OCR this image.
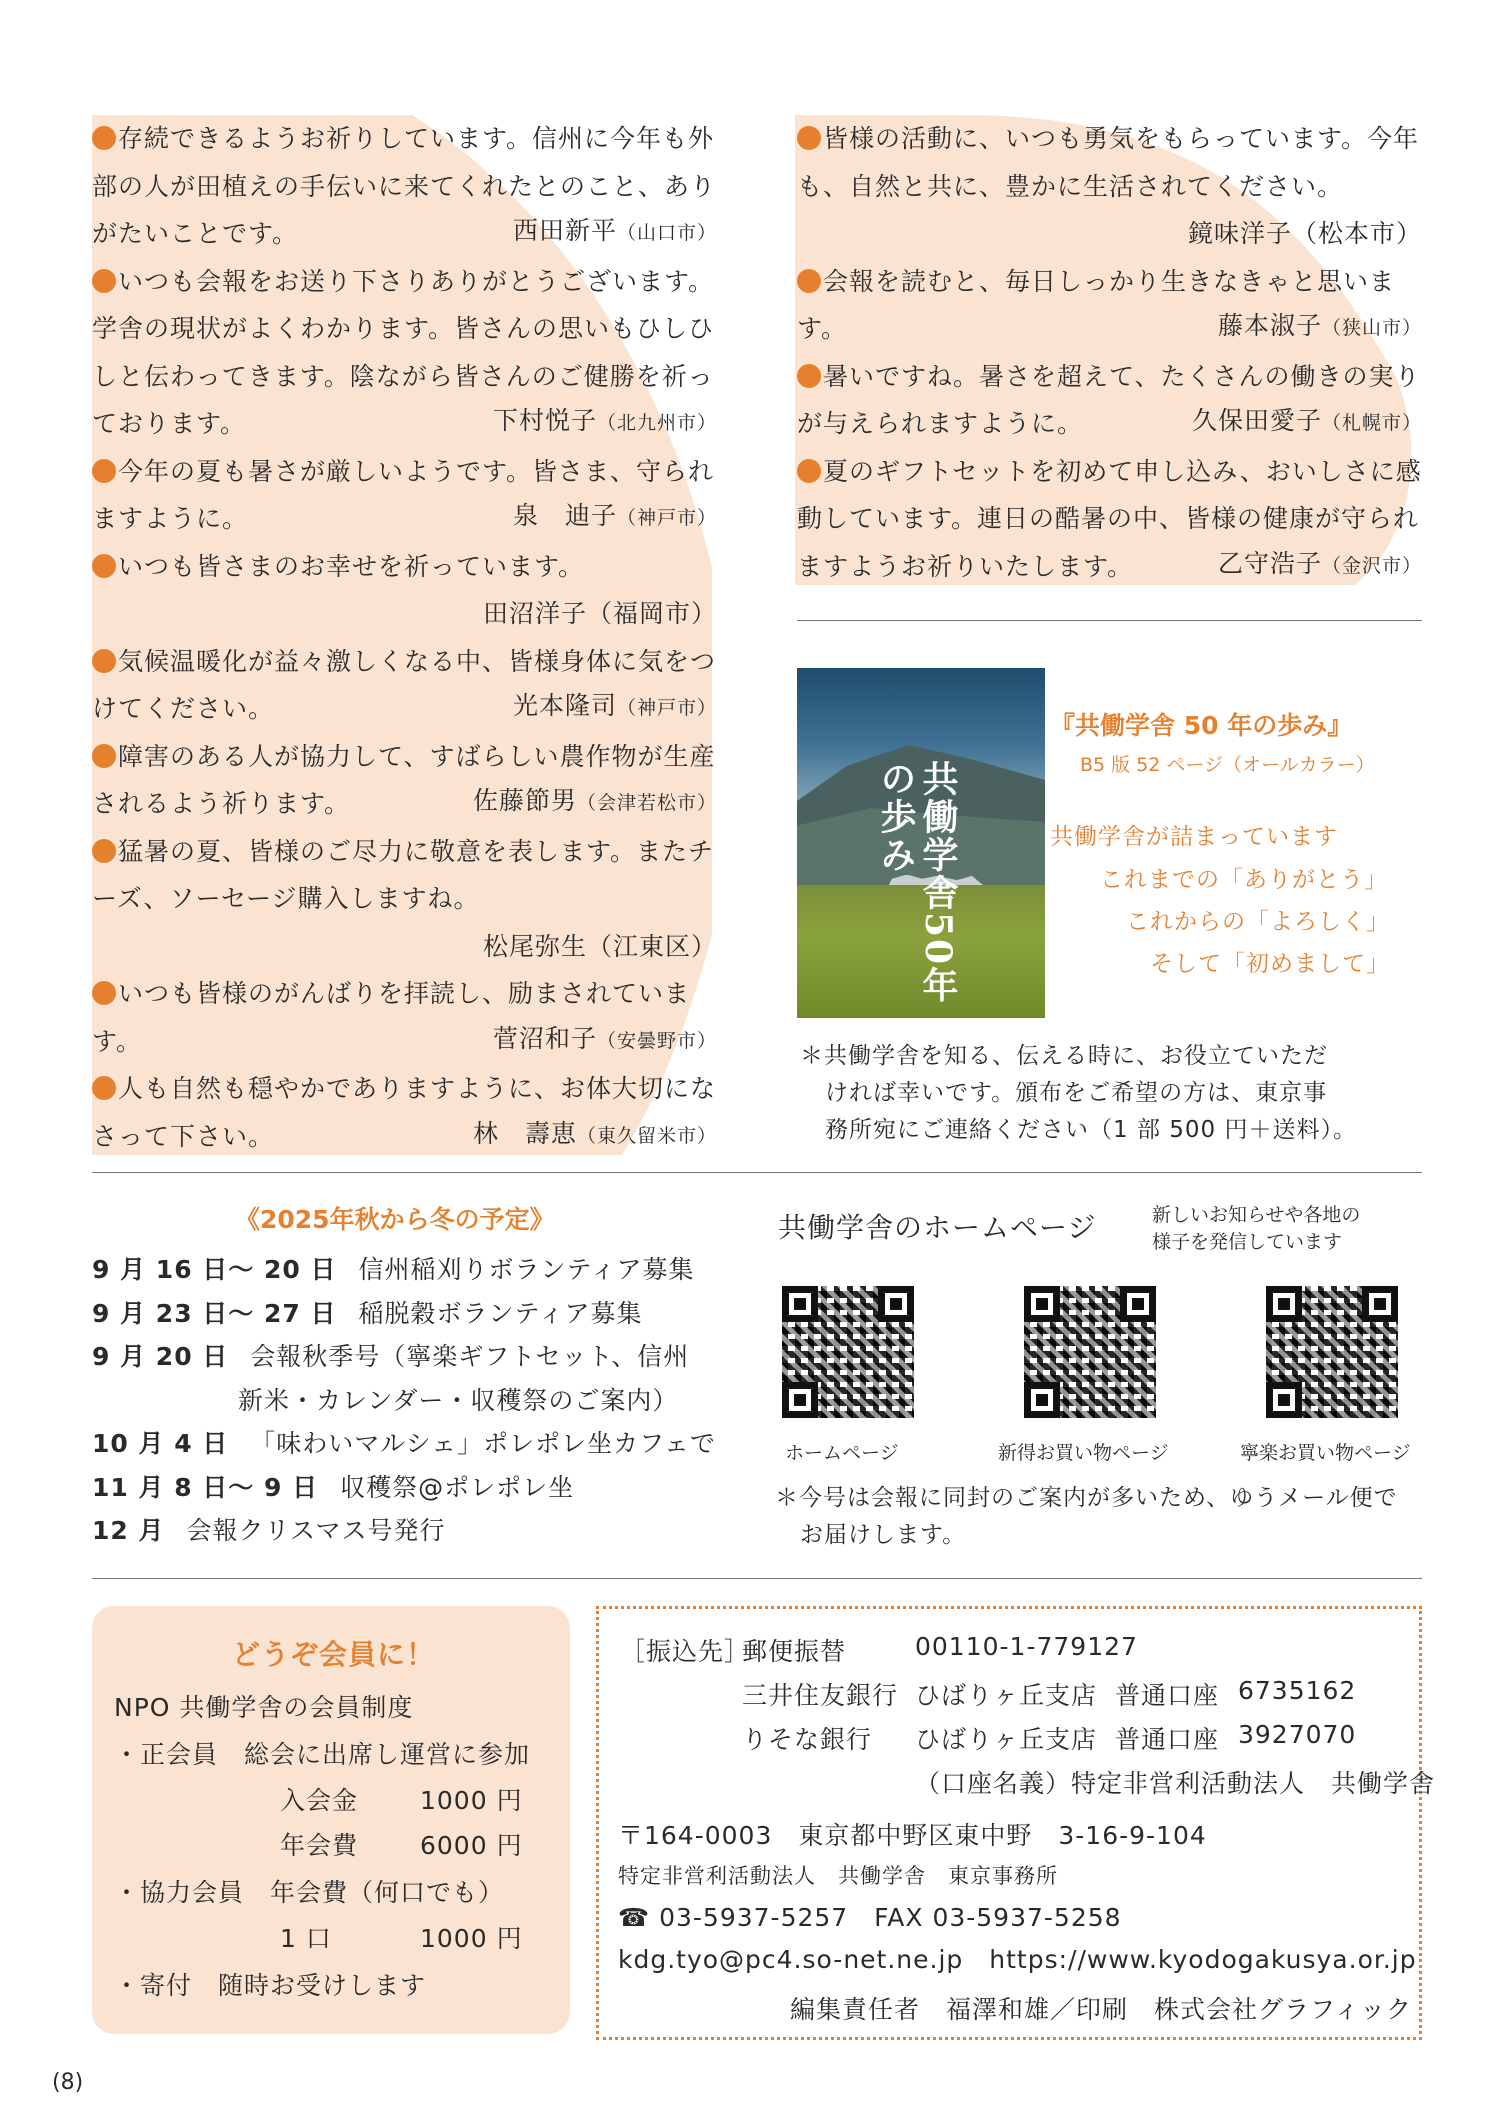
存続できるようお祈りしています。信州に今年も外部の人が田植えの手伝いに来てくれたとのこと、ありがたいことです。	西田新平（山口市）
いつも会報をお送り下さりありがとうございます。学舎の現状がよくわかります。皆さんの思いもひしひしと伝わってきます。陰ながら皆さんのご健勝を祈っております。	下村悦子（北九州市）
今年の夏も暑さが厳しいようです。皆さま、守られますように。	泉　迪子（神戸市）
いつも皆さまのお幸せを祈っています。
田沼洋子（福岡市）
気候温暖化が益々激しくなる中、皆様身体に気をつけてください。	光本隆司（神戸市）
障害のある人が協力して、すばらしい農作物が生産されるよう祈ります。	佐藤節男（会津若松市）
猛暑の夏、皆様のご尽力に敬意を表します。またチーズ、ソーセージ購入しますね。
松尾弥生（江東区）
いつも皆様のがんばりを拝読し、励まされています。	菅沼和子（安曇野市）
人も自然も穏やかでありますように、お体大切になさって下さい。	林　壽恵（東久留米市）
皆様の活動に、いつも勇気をもらっています。今年も、自然と共に、豊かに生活されてください。
鏡味洋子（松本市）
会報を読むと、毎日しっかり生きなきゃと思います。	藤本淑子（狭山市）
暑いですね。暑さを超えて、たくさんの働きの実りが与えられますように。	久保田愛子（札幌市）
夏のギフトセットを初めて申し込み、おいしさに感動しています。連日の酷暑の中、皆様の健康が守られますようお祈りいたします。	乙守浩子（金沢市）
共働学舎50年の歩み
『共働学舎 50 年の歩み』
B5 版 52 ページ（オールカラー）
共働学舎が詰まっています
これまでの「ありがとう」
これからの「よろしく」
そして「初めまして」
＊共働学舎を知る、伝える時に、お役立ていただ
ければ幸いです。頒布をご希望の方は、東京事
務所宛にご連絡ください（1 部 500 円＋送料）。
《2025年秋から冬の予定》
9 月 16 日〜 20 日 信州稲刈りボランティア募集
9 月 23 日〜 27 日 稲脱穀ボランティア募集
9 月 20 日 会報秋季号（寧楽ギフトセット、信州
新米・カレンダー・収穫祭のご案内）
10 月 4 日 「味わいマルシェ」ポレポレ坐カフェで
11 月 8 日〜 9 日 収穫祭@ポレポレ坐
12 月 会報クリスマス号発行
共働学舎のホームページ	新しいお知らせや各地の
様子を発信しています
ホームページ	新得お買い物ページ	寧楽お買い物ページ
＊今号は会報に同封のご案内が多いため、ゆうメール便で
お届けします。
どうぞ会員に！
NPO 共働学舎の会員制度
・正会員　総会に出席し運営に参加
入会金 1000 円
年会費 6000 円
・協力会員　年会費（何口でも）
1 口	1000 円
・寄付　随時お受けします
［振込先］
郵便振替	00110-1-779127
三井住友銀行 ひばりヶ丘支店 普通口座 6735162
りそな銀行 ひばりヶ丘支店 普通口座 3927070
（口座名義）特定非営利活動法人　共働学舎
〒164-0003　東京都中野区東中野　3-16-9-104
特定非営利活動法人　共働学舎　東京事務所
☎ 03-5937-5257　FAX 03-5937-5258
kdg.tyo@pc4.so-net.ne.jp　https://www.kyodogakusya.or.jp
編集責任者　福澤和雄／印刷　株式会社グラフィック
(8)
